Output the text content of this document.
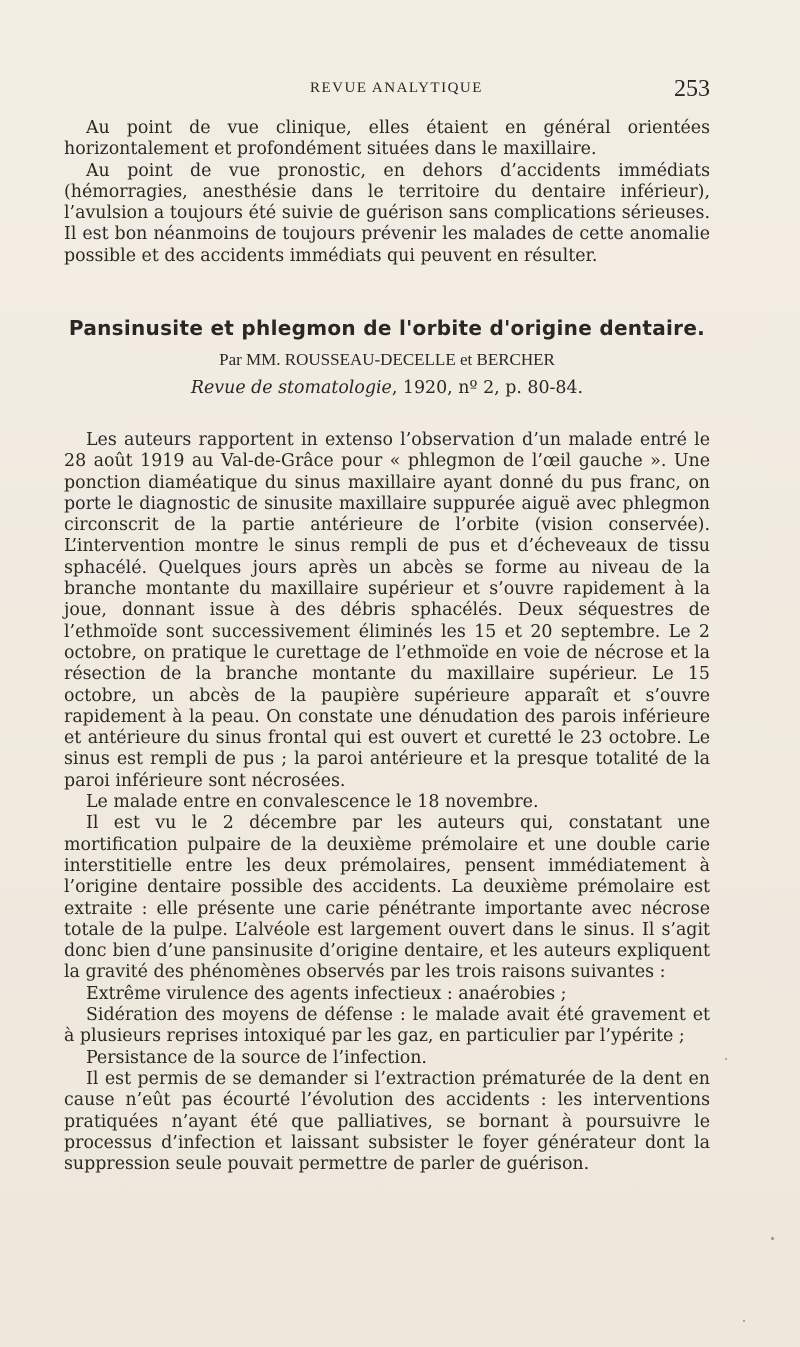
REVUE ANALYTIQUE	253

Au point de vue clinique, elles étaient en général orientées horizontalement et profondément situées dans le maxillaire.

Au point de vue pronostic, en dehors d’accidents immédiats (hémorragies, anesthésie dans le territoire du dentaire inférieur), l’avulsion a toujours été suivie de guérison sans complications sérieuses. Il est bon néanmoins de toujours prévenir les malades de cette anomalie possible et des accidents immédiats qui peuvent en résulter.

Pansinusite et phlegmon de l'orbite d'origine dentaire.
Par MM. ROUSSEAU-DECELLE et BERCHER
Revue de stomatologie, 1920, nº 2, p. 80-84.

Les auteurs rapportent in extenso l’observation d’un malade entré le 28 août 1919 au Val-de-Grâce pour « phlegmon de l’œil gauche ». Une ponction diaméatique du sinus maxillaire ayant donné du pus franc, on porte le diagnostic de sinusite maxillaire suppurée aiguë avec phlegmon circonscrit de la partie antérieure de l’orbite (vision conservée). L’intervention montre le sinus rempli de pus et d’écheveaux de tissu sphacélé. Quelques jours après un abcès se forme au niveau de la branche montante du maxillaire supérieur et s’ouvre rapidement à la joue, donnant issue à des débris sphacélés. Deux séquestres de l’ethmoïde sont successivement éliminés les 15 et 20 septembre. Le 2 octobre, on pratique le curettage de l’ethmoïde en voie de nécrose et la résection de la branche montante du maxillaire supérieur. Le 15 octobre, un abcès de la paupière supérieure apparaît et s’ouvre rapidement à la peau. On constate une dénudation des parois inférieure et antérieure du sinus frontal qui est ouvert et curetté le 23 octobre. Le sinus est rempli de pus ; la paroi antérieure et la presque totalité de la paroi inférieure sont nécrosées.

Le malade entre en convalescence le 18 novembre.

Il est vu le 2 décembre par les auteurs qui, constatant une mortification pulpaire de la deuxième prémolaire et une double carie interstitielle entre les deux prémolaires, pensent immédiatement à l’origine dentaire possible des accidents. La deuxième prémolaire est extraite : elle présente une carie pénétrante importante avec nécrose totale de la pulpe. L’alvéole est largement ouvert dans le sinus. Il s’agit donc bien d’une pansinusite d’origine dentaire, et les auteurs expliquent la gravité des phénomènes observés par les trois raisons suivantes :

Extrême virulence des agents infectieux : anaérobies ;

Sidération des moyens de défense : le malade avait été gravement et à plusieurs reprises intoxiqué par les gaz, en particulier par l’ypérite ;

Persistance de la source de l’infection.

Il est permis de se demander si l’extraction prématurée de la dent en cause n’eût pas écourté l’évolution des accidents : les interventions pratiquées n’ayant été que palliatives, se bornant à poursuivre le processus d’infection et laissant subsister le foyer générateur dont la suppression seule pouvait permettre de parler de guérison.
